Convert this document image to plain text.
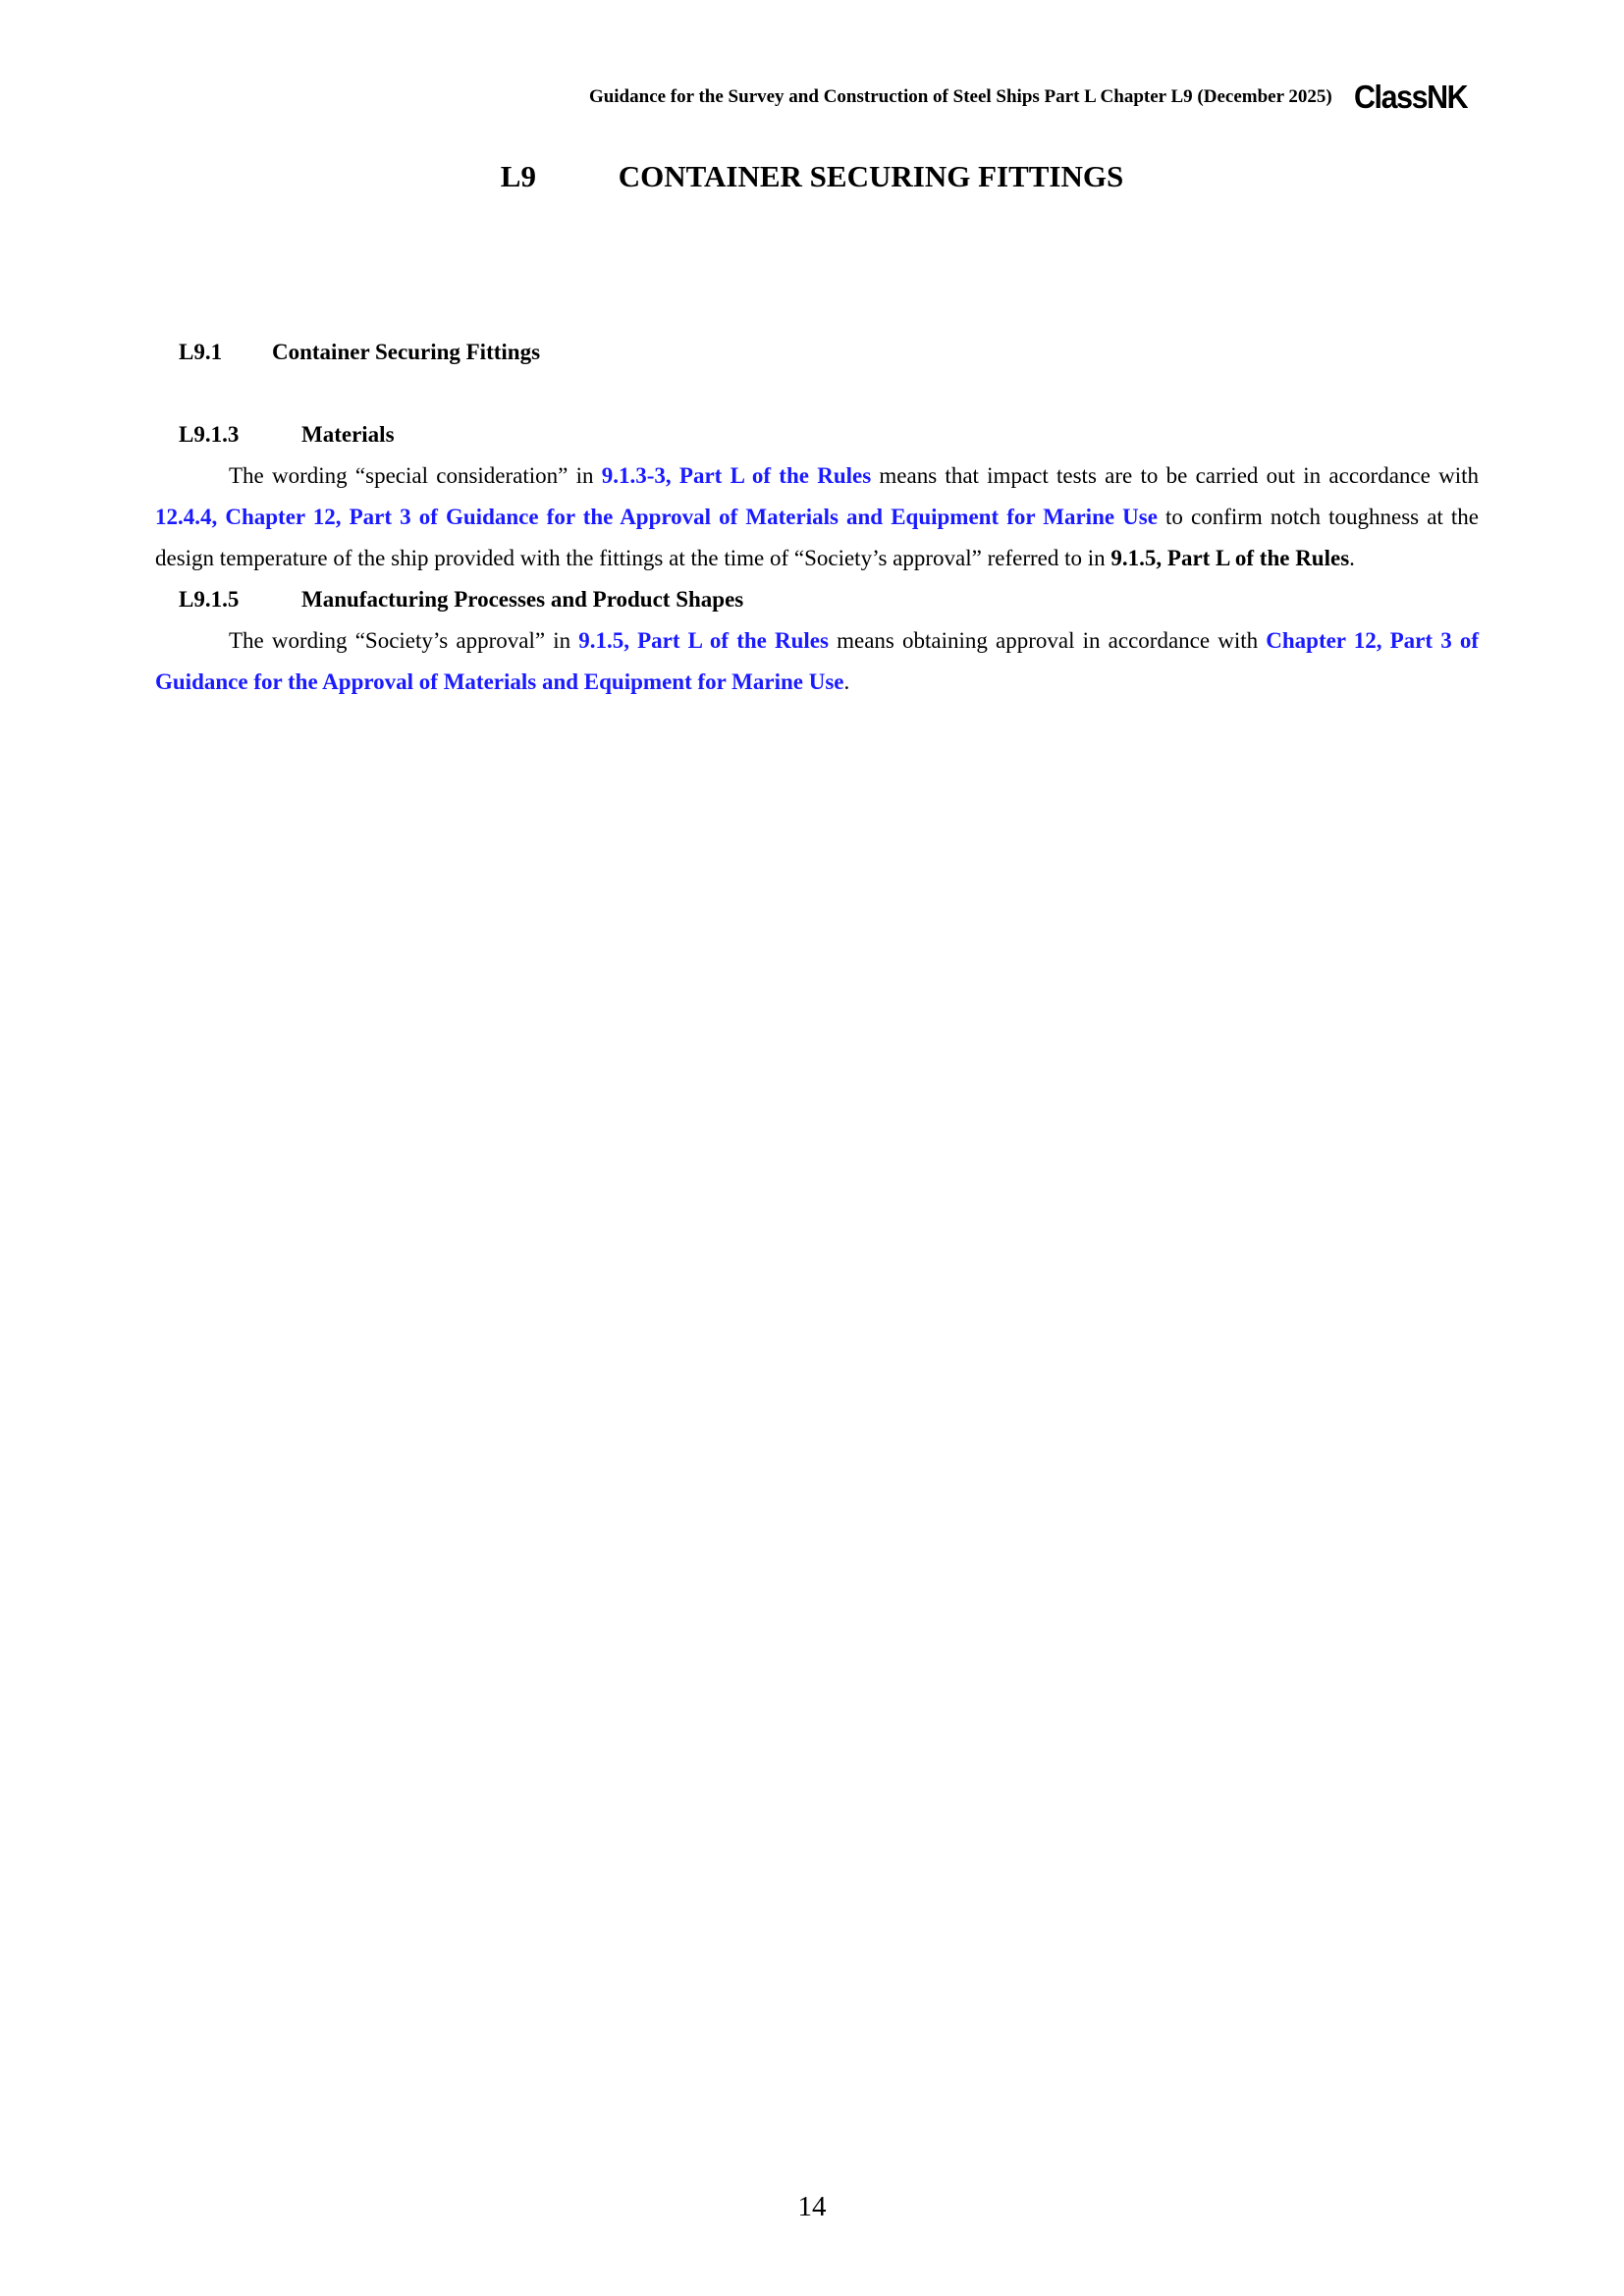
Guidance for the Survey and Construction of Steel Ships Part L Chapter L9 (December 2025) ClassNK
L9	CONTAINER SECURING FITTINGS

L9.1 Container Securing Fittings

L9.1.3	Materials

The wording “special consideration” in 9.1.3-3, Part L of the Rules means that impact tests are to be carried out in accordance with 12.4.4, Chapter 12, Part 3 of Guidance for the Approval of Materials and Equipment for Marine Use to confirm notch toughness at the design temperature of the ship provided with the fittings at the time of “Society’s approval” referred to in 9.1.5, Part L of the Rules.

L9.1.5	Manufacturing Processes and Product Shapes

The wording “Society’s approval” in 9.1.5, Part L of the Rules means obtaining approval in accordance with Chapter 12, Part 3 of Guidance for the Approval of Materials and Equipment for Marine Use.

14
